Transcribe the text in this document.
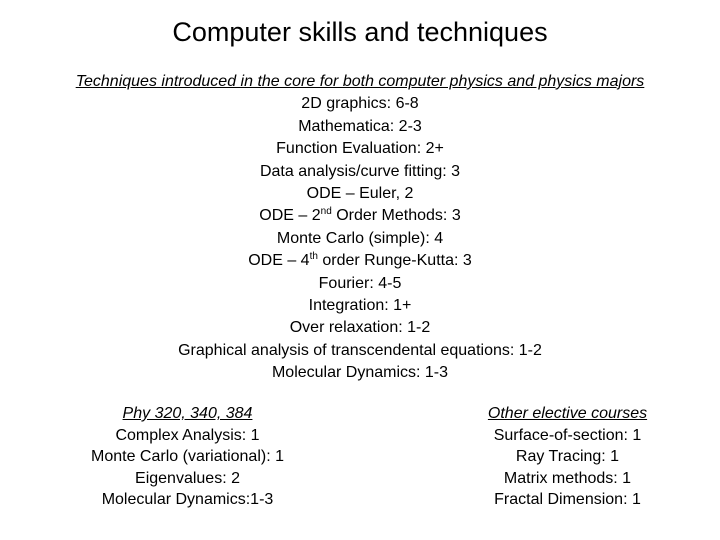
Computer skills and techniques
Techniques introduced in the core for both computer physics and physics majors
2D graphics: 6-8
Mathematica: 2-3
Function Evaluation: 2+
Data analysis/curve fitting: 3
ODE – Euler, 2
ODE – 2nd Order Methods: 3
Monte Carlo (simple): 4
ODE – 4th order Runge-Kutta: 3
Fourier: 4-5
Integration: 1+
Over relaxation: 1-2
Graphical analysis of transcendental equations: 1-2
Molecular Dynamics: 1-3
Phy 320, 340, 384
Complex Analysis: 1
Monte Carlo (variational): 1
Eigenvalues: 2
Molecular Dynamics:1-3
Other elective courses
Surface-of-section: 1
Ray Tracing: 1
Matrix methods: 1
Fractal Dimension: 1
